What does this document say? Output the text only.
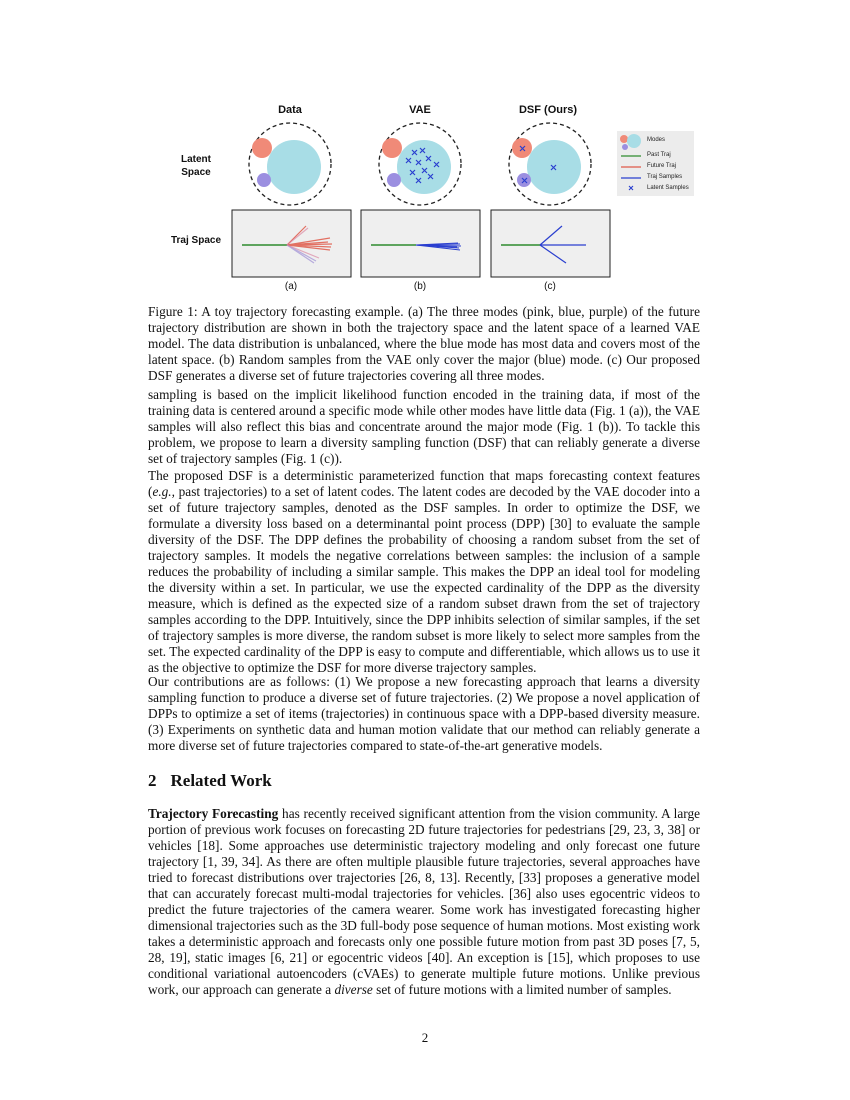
Data	VAE	DSF (Ours)
Latent Space
Traj Space
(a)	(b)	(c)
Modes
Past Traj
Future Traj
Traj Samples
Latent Samples
Figure 1: A toy trajectory forecasting example. (a) The three modes (pink, blue, purple) of the future trajectory distribution are shown in both the trajectory space and the latent space of a learned VAE model. The data distribution is unbalanced, where the blue mode has most data and covers most of the latent space. (b) Random samples from the VAE only cover the major (blue) mode. (c) Our proposed DSF generates a diverse set of future trajectories covering all three modes.

sampling is based on the implicit likelihood function encoded in the training data, if most of the training data is centered around a specific mode while other modes have little data (Fig. 1 (a)), the VAE samples will also reflect this bias and concentrate around the major mode (Fig. 1 (b)). To tackle this problem, we propose to learn a diversity sampling function (DSF) that can reliably generate a diverse set of trajectory samples (Fig. 1 (c)).

The proposed DSF is a deterministic parameterized function that maps forecasting context features (e.g., past trajectories) to a set of latent codes. The latent codes are decoded by the VAE docoder into a set of future trajectory samples, denoted as the DSF samples. In order to optimize the DSF, we formulate a diversity loss based on a determinantal point process (DPP) [30] to evaluate the sample diversity of the DSF. The DPP defines the probability of choosing a random subset from the set of trajectory samples. It models the negative correlations between samples: the inclusion of a sample reduces the probability of including a similar sample. This makes the DPP an ideal tool for modeling the diversity within a set. In particular, we use the expected cardinality of the DPP as the diversity measure, which is defined as the expected size of a random subset drawn from the set of trajectory samples according to the DPP. Intuitively, since the DPP inhibits selection of similar samples, if the set of trajectory samples is more diverse, the random subset is more likely to select more samples from the set. The expected cardinality of the DPP is easy to compute and differentiable, which allows us to use it as the objective to optimize the DSF for more diverse trajectory samples.

Our contributions are as follows: (1) We propose a new forecasting approach that learns a diversity sampling function to produce a diverse set of future trajectories. (2) We propose a novel application of DPPs to optimize a set of items (trajectories) in continuous space with a DPP-based diversity measure. (3) Experiments on synthetic data and human motion validate that our method can reliably generate a more diverse set of future trajectories compared to state-of-the-art generative models.

2 Related Work

Trajectory Forecasting has recently received significant attention from the vision community. A large portion of previous work focuses on forecasting 2D future trajectories for pedestrians [29, 23, 3, 38] or vehicles [18]. Some approaches use deterministic trajectory modeling and only forecast one future trajectory [1, 39, 34]. As there are often multiple plausible future trajectories, several approaches have tried to forecast distributions over trajectories [26, 8, 13]. Recently, [33] proposes a generative model that can accurately forecast multi-modal trajectories for vehicles. [36] also uses egocentric videos to predict the future trajectories of the camera wearer. Some work has investigated forecasting higher dimensional trajectories such as the 3D full-body pose sequence of human motions. Most existing work takes a deterministic approach and forecasts only one possible future motion from past 3D poses [7, 5, 28, 19], static images [6, 21] or egocentric videos [40]. An exception is [15], which proposes to use conditional variational autoencoders (cVAEs) to generate multiple future motions. Unlike previous work, our approach can generate a diverse set of future motions with a limited number of samples.

2
